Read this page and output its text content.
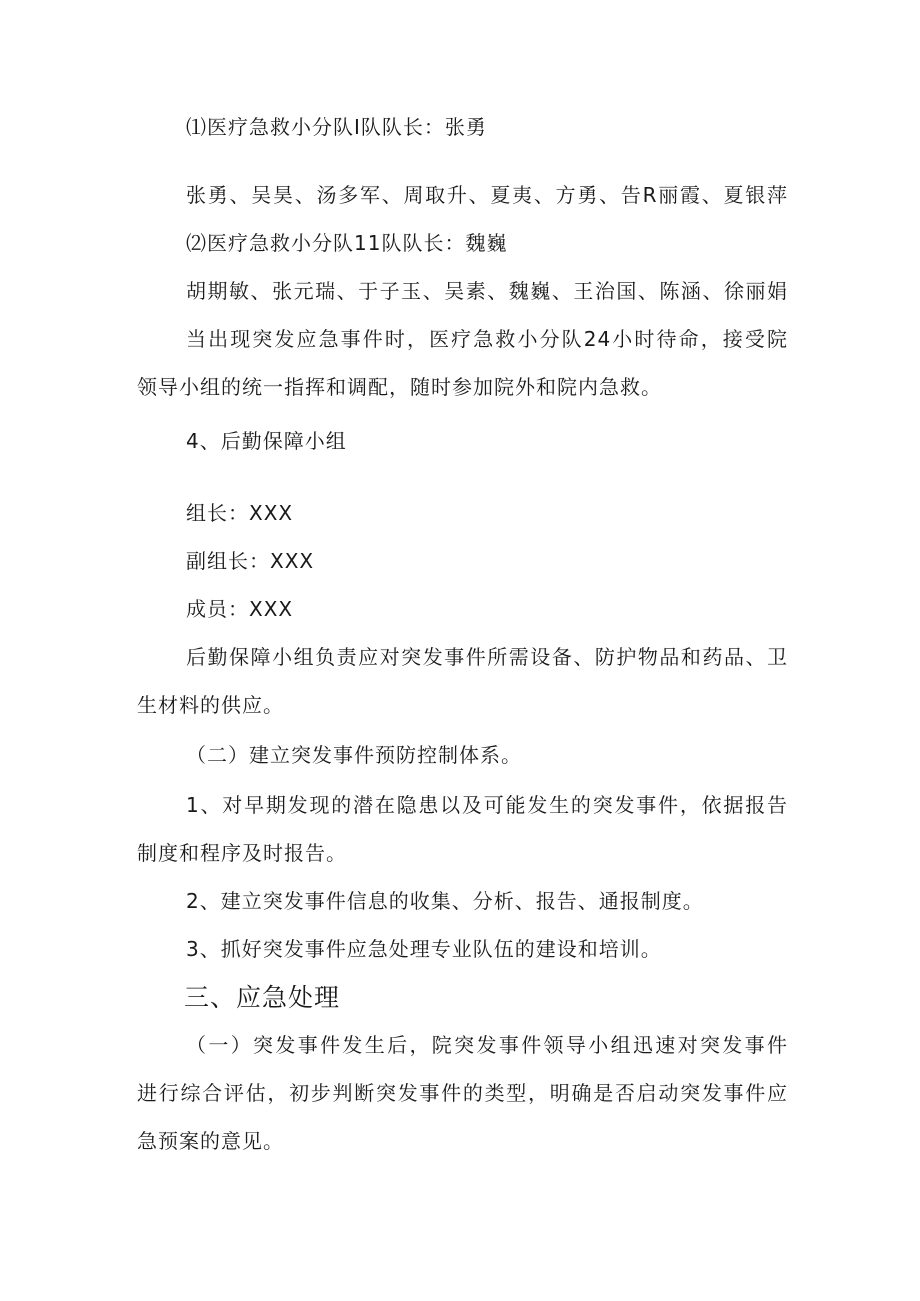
⑴医疗急救小分队I队队长：张勇

张勇、吴昊、汤多军、周取升、夏夷、方勇、告R丽霞、夏银萍

⑵医疗急救小分队11队队长：魏巍

胡期敏、张元瑞、于子玉、吴素、魏巍、王治国、陈涵、徐丽娟

当出现突发应急事件时，医疗急救小分队24小时待命，接受院

领导小组的统一指挥和调配，随时参加院外和院内急救。

4、后勤保障小组

组长：XXX

副组长：XXX

成员：XXX

后勤保障小组负责应对突发事件所需设备、防护物品和药品、卫

生材料的供应。

（二）建立突发事件预防控制体系。

1、对早期发现的潜在隐患以及可能发生的突发事件，依据报告

制度和程序及时报告。

2、建立突发事件信息的收集、分析、报告、通报制度。

3、抓好突发事件应急处理专业队伍的建设和培训。

三、应急处理

（一）突发事件发生后，院突发事件领导小组迅速对突发事件

进行综合评估，初步判断突发事件的类型，明确是否启动突发事件应

急预案的意见。
